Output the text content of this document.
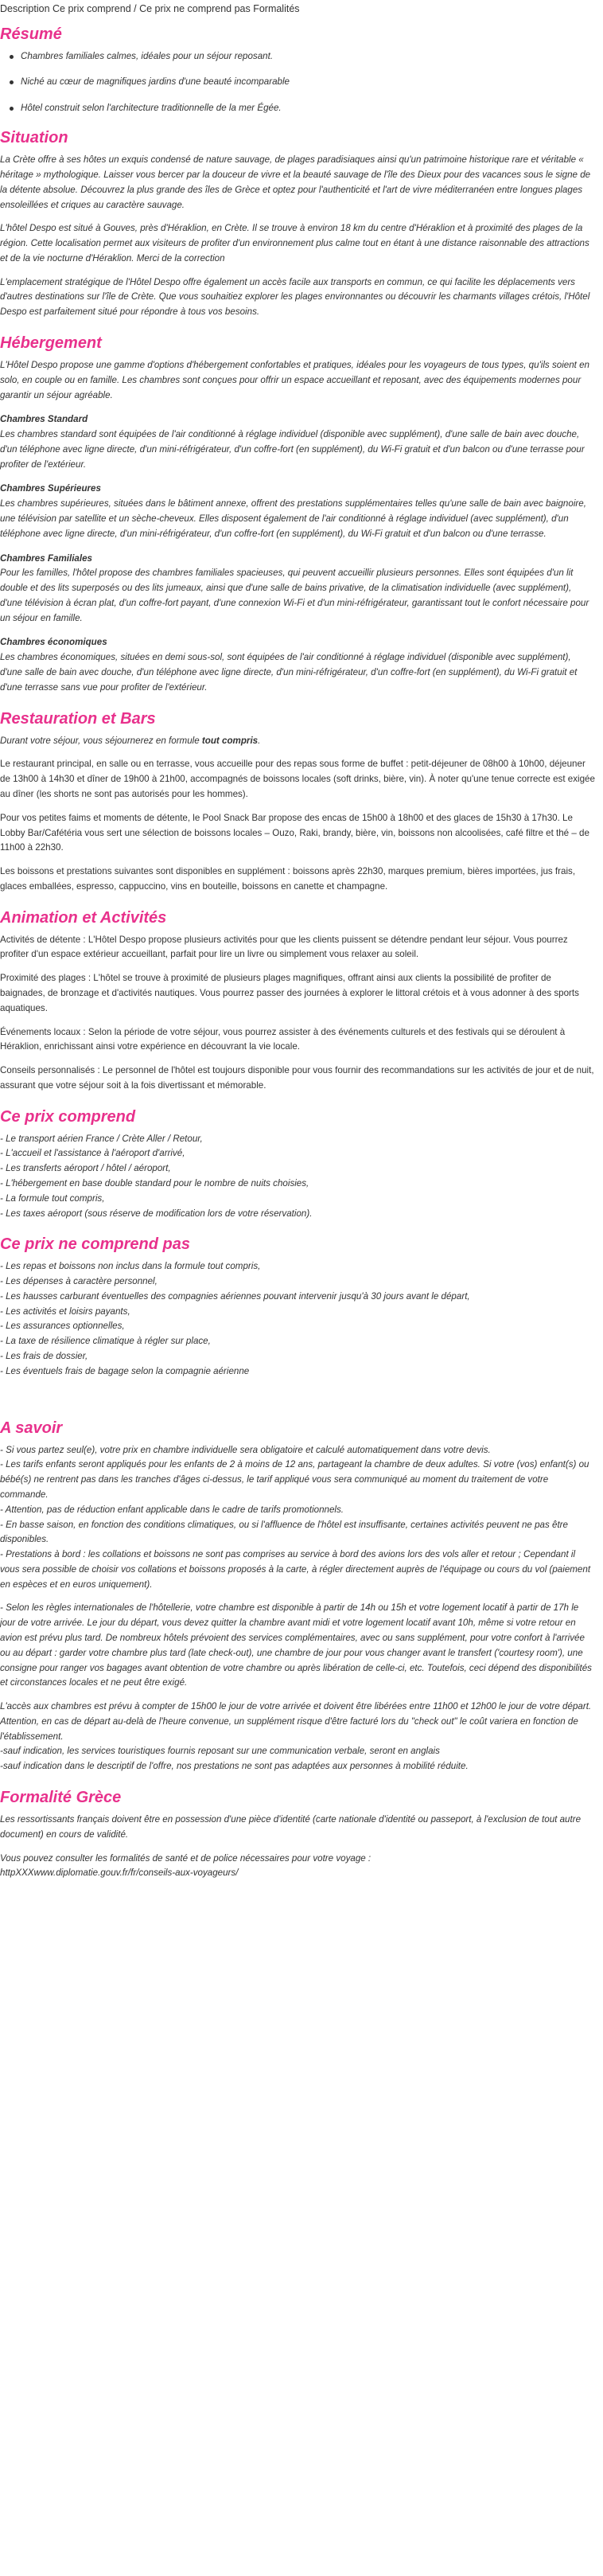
Description Ce prix comprend / Ce prix ne comprend pas Formalités
Résumé
Chambres familiales calmes, idéales pour un séjour reposant.
Niché au cœur de magnifiques jardins d'une beauté incomparable
Hôtel construit selon l'architecture traditionnelle de la mer Égée.
Situation

La Crète offre à ses hôtes un exquis condensé de nature sauvage, de plages paradisiaques ainsi qu'un patrimoine historique rare et véritable « héritage » mythologique. Laisser vous bercer par la douceur de vivre et la beauté sauvage de l'île des Dieux pour des vacances sous le signe de la détente absolue. Découvrez la plus grande des îles de Grèce et optez pour l'authenticité et l'art de vivre méditerranéen entre longues plages ensoleillées et criques au caractère sauvage.

L'hôtel Despo est situé à Gouves, près d'Héraklion, en Crète. Il se trouve à environ 18 km du centre d'Héraklion et à proximité des plages de la région. Cette localisation permet aux visiteurs de profiter d'un environnement plus calme tout en étant à une distance raisonnable des attractions et de la vie nocturne d'Héraklion. Merci de la correction

L'emplacement stratégique de l'Hôtel Despo offre également un accès facile aux transports en commun, ce qui facilite les déplacements vers d'autres destinations sur l'île de Crète. Que vous souhaitiez explorer les plages environnantes ou découvrir les charmants villages crétois, l'Hôtel Despo est parfaitement situé pour répondre à tous vos besoins.

Hébergement

L'Hôtel Despo propose une gamme d'options d'hébergement confortables et pratiques, idéales pour les voyageurs de tous types, qu'ils soient en solo, en couple ou en famille. Les chambres sont conçues pour offrir un espace accueillant et reposant, avec des équipements modernes pour garantir un séjour agréable.

Chambres Standard
Les chambres standard sont équipées de l'air conditionné à réglage individuel (disponible avec supplément), d'une salle de bain avec douche, d'un téléphone avec ligne directe, d'un mini-réfrigérateur, d'un coffre-fort (en supplément), du Wi-Fi gratuit et d'un balcon ou d'une terrasse pour profiter de l'extérieur.
Chambres Supérieures
Les chambres supérieures, situées dans le bâtiment annexe, offrent des prestations supplémentaires telles qu'une salle de bain avec baignoire, une télévision par satellite et un sèche-cheveux. Elles disposent également de l'air conditionné à réglage individuel (avec supplément), d'un téléphone avec ligne directe, d'un mini-réfrigérateur, d'un coffre-fort (en supplément), du Wi-Fi gratuit et d'un balcon ou d'une terrasse.
Chambres Familiales
Pour les familles, l'hôtel propose des chambres familiales spacieuses, qui peuvent accueillir plusieurs personnes. Elles sont équipées d'un lit double et des lits superposés ou des lits jumeaux, ainsi que d'une salle de bains privative, de la climatisation individuelle (avec supplément), d'une télévision à écran plat, d'un coffre-fort payant, d'une connexion Wi-Fi et d'un mini-réfrigérateur, garantissant tout le confort nécessaire pour un séjour en famille.
Chambres économiques
Les chambres économiques, situées en demi sous-sol, sont équipées de l'air conditionné à réglage individuel (disponible avec supplément), d'une salle de bain avec douche, d'un téléphone avec ligne directe, d'un mini-réfrigérateur, d'un coffre-fort (en supplément), du Wi-Fi gratuit et d'une terrasse sans vue pour profiter de l'extérieur.
Restauration et Bars

Durant votre séjour, vous séjournerez en formule tout compris.

Le restaurant principal, en salle ou en terrasse, vous accueille pour des repas sous forme de buffet : petit-déjeuner de 08h00 à 10h00, déjeuner de 13h00 à 14h30 et dîner de 19h00 à 21h00, accompagnés de boissons locales (soft drinks, bière, vin). À noter qu'une tenue correcte est exigée au dîner (les shorts ne sont pas autorisés pour les hommes).

Pour vos petites faims et moments de détente, le Pool Snack Bar propose des encas de 15h00 à 18h00 et des glaces de 15h30 à 17h30. Le Lobby Bar/Cafétéria vous sert une sélection de boissons locales – Ouzo, Raki, brandy, bière, vin, boissons non alcoolisées, café filtre et thé – de 11h00 à 22h30.

Les boissons et prestations suivantes sont disponibles en supplément : boissons après 22h30, marques premium, bières importées, jus frais, glaces emballées, espresso, cappuccino, vins en bouteille, boissons en canette et champagne.

Animation et Activités

Activités de détente : L'Hôtel Despo propose plusieurs activités pour que les clients puissent se détendre pendant leur séjour. Vous pourrez profiter d'un espace extérieur accueillant, parfait pour lire un livre ou simplement vous relaxer au soleil.

Proximité des plages : L'hôtel se trouve à proximité de plusieurs plages magnifiques, offrant ainsi aux clients la possibilité de profiter de baignades, de bronzage et d'activités nautiques. Vous pourrez passer des journées à explorer le littoral crétois et à vous adonner à des sports aquatiques.

Événements locaux : Selon la période de votre séjour, vous pourrez assister à des événements culturels et des festivals qui se déroulent à Héraklion, enrichissant ainsi votre expérience en découvrant la vie locale.

Conseils personnalisés : Le personnel de l'hôtel est toujours disponible pour vous fournir des recommandations sur les activités de jour et de nuit, assurant que votre séjour soit à la fois divertissant et mémorable.

Ce prix comprend
- Le transport aérien France / Crète Aller / Retour,
- L'accueil et l'assistance à l'aéroport d'arrivé,
- Les transferts aéroport / hôtel / aéroport,
- L'hébergement en base double standard pour le nombre de nuits choisies,
- La formule tout compris,
- Les taxes aéroport (sous réserve de modification lors de votre réservation).
Ce prix ne comprend pas
- Les repas et boissons non inclus dans la formule tout compris,
- Les dépenses à caractère personnel,
- Les hausses carburant éventuelles des compagnies aériennes pouvant intervenir jusqu'à 30 jours avant le départ,
- Les activités et loisirs payants,
- Les assurances optionnelles,
- La taxe de résilience climatique à régler sur place,
- Les frais de dossier,
- Les éventuels frais de bagage selon la compagnie aérienne
A savoir
- Si vous partez seul(e), votre prix en chambre individuelle sera obligatoire et calculé automatiquement dans votre devis.
- Les tarifs enfants seront appliqués pour les enfants de 2 à moins de 12 ans, partageant la chambre de deux adultes. Si votre (vos) enfant(s) ou bébé(s) ne rentrent pas dans les tranches d'âges ci-dessus, le tarif appliqué vous sera communiqué au moment du traitement de votre commande.
- Attention, pas de réduction enfant applicable dans le cadre de tarifs promotionnels.
- En basse saison, en fonction des conditions climatiques, ou si l'affluence de l'hôtel est insuffisante, certaines activités peuvent ne pas être disponibles.
- Prestations à bord : les collations et boissons ne sont pas comprises au service à bord des avions lors des vols aller et retour ; Cependant il vous sera possible de choisir vos collations et boissons proposés à la carte, à régler directement auprès de l'équipage ou cours du vol (paiement en espèces et en euros uniquement).
- Selon les règles internationales de l'hôtellerie, votre chambre est disponible à partir de 14h ou 15h et votre logement locatif à partir de 17h le jour de votre arrivée. Le jour du départ, vous devez quitter la chambre avant midi et votre logement locatif avant 10h, même si votre retour en avion est prévu plus tard. De nombreux hôtels prévoient des services complémentaires, avec ou sans supplément, pour votre confort à l'arrivée ou au départ : garder votre chambre plus tard (late check-out), une chambre de jour pour vous changer avant le transfert ('courtesy room'), une consigne pour ranger vos bagages avant obtention de votre chambre ou après libération de celle-ci, etc. Toutefois, ceci dépend des disponibilités et circonstances locales et ne peut être exigé.
L'accès aux chambres est prévu à compter de 15h00 le jour de votre arrivée et doivent être libérées entre 11h00 et 12h00 le jour de votre départ.
Attention, en cas de départ au-delà de l'heure convenue, un supplément risque d'être facturé lors du "check out" le coût variera en fonction de l'établissement.
-sauf indication, les services touristiques fournis reposant sur une communication verbale, seront en anglais
-sauf indication dans le descriptif de l'offre, nos prestations ne sont pas adaptées aux personnes à mobilité réduite.
Formalité Grèce

Les ressortissants français doivent être en possession d'une pièce d'identité (carte nationale d'identité ou passeport, à l'exclusion de tout autre document) en cours de validité.

Vous pouvez consulter les formalités de santé et de police nécessaires pour votre voyage :
httpXXXwww.diplomatie.gouv.fr/fr/conseils-aux-voyageurs/
